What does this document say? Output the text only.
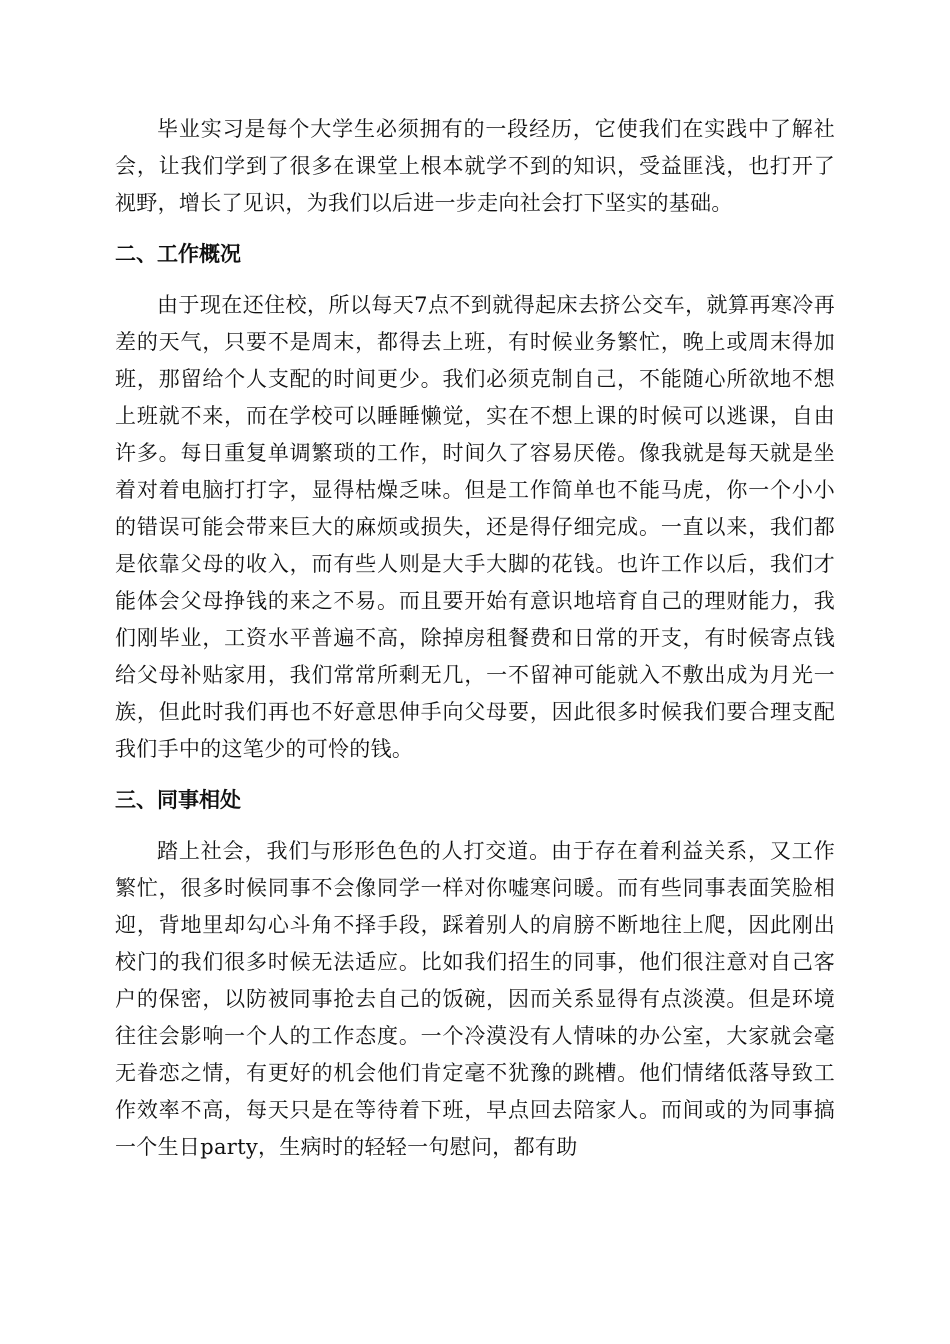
毕业实习是每个大学生必须拥有的一段经历，它使我们在实践中了解社会，让我们学到了很多在课堂上根本就学不到的知识，受益匪浅，也打开了视野，增长了见识，为我们以后进一步走向社会打下坚实的基础。

二、工作概况

由于现在还住校，所以每天7点不到就得起床去挤公交车，就算再寒冷再差的天气，只要不是周末，都得去上班，有时候业务繁忙，晚上或周末得加班，那留给个人支配的时间更少。我们必须克制自己，不能随心所欲地不想上班就不来，而在学校可以睡睡懒觉，实在不想上课的时候可以逃课，自由许多。每日重复单调繁琐的工作，时间久了容易厌倦。像我就是每天就是坐着对着电脑打打字，显得枯燥乏味。但是工作简单也不能马虎，你一个小小的错误可能会带来巨大的麻烦或损失，还是得仔细完成。一直以来，我们都是依靠父母的收入，而有些人则是大手大脚的花钱。也许工作以后，我们才能体会父母挣钱的来之不易。而且要开始有意识地培育自己的理财能力，我们刚毕业，工资水平普遍不高，除掉房租餐费和日常的开支，有时候寄点钱给父母补贴家用，我们常常所剩无几，一不留神可能就入不敷出成为月光一族，但此时我们再也不好意思伸手向父母要，因此很多时候我们要合理支配我们手中的这笔少的可怜的钱。

三、同事相处

踏上社会，我们与形形色色的人打交道。由于存在着利益关系，又工作繁忙，很多时候同事不会像同学一样对你嘘寒问暖。而有些同事表面笑脸相迎，背地里却勾心斗角不择手段，踩着别人的肩膀不断地往上爬，因此刚出校门的我们很多时候无法适应。比如我们招生的同事，他们很注意对自己客户的保密，以防被同事抢去自己的饭碗，因而关系显得有点淡漠。但是环境往往会影响一个人的工作态度。一个冷漠没有人情味的办公室，大家就会毫无眷恋之情，有更好的机会他们肯定毫不犹豫的跳槽。他们情绪低落导致工作效率不高，每天只是在等待着下班，早点回去陪家人。而间或的为同事搞一个生日party，生病时的轻轻一句慰问，都有助
